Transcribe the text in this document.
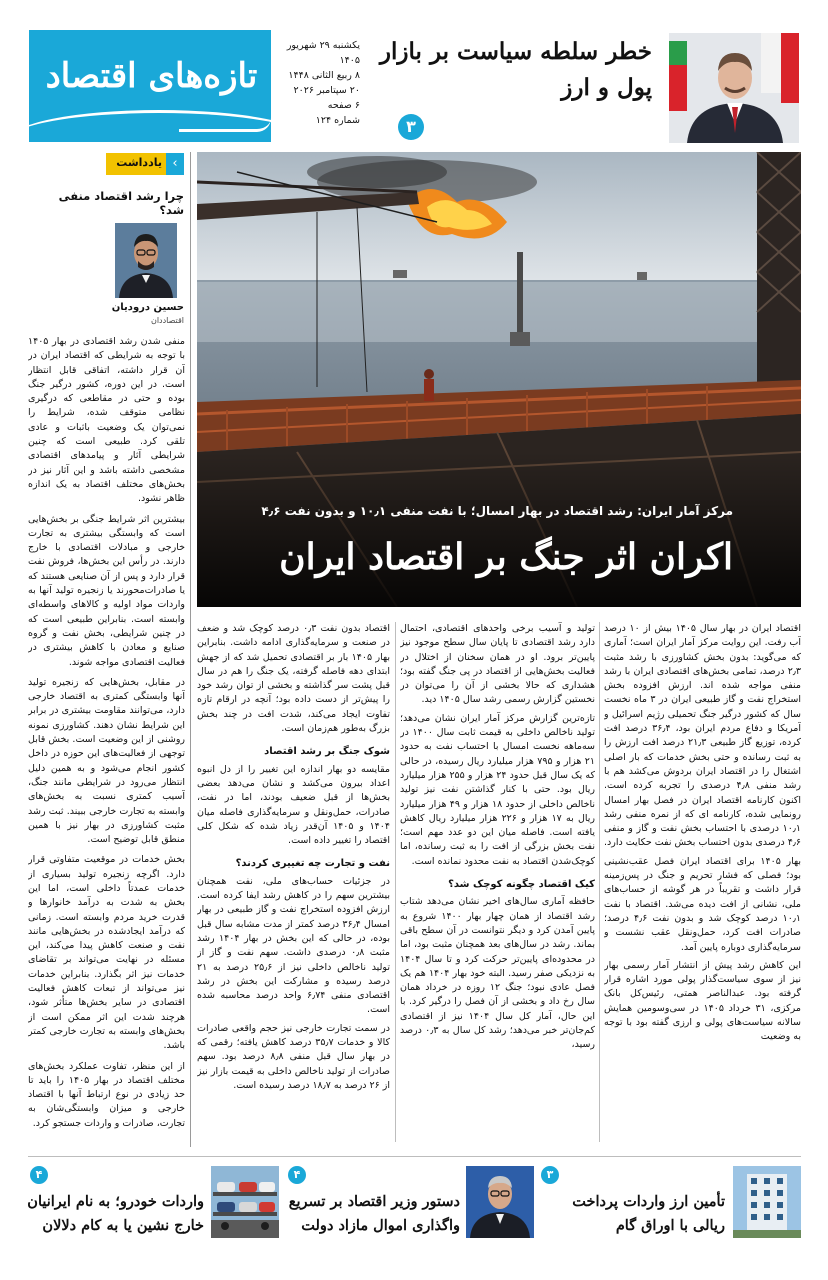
تازه‌های اقتصاد
یکشنبه ۲۹ شهریور ۱۴۰۵
۸ ربیع الثانی ۱۴۴۸
۲۰ سپتامبر ۲۰۲۶
۶ صفحه
شماره ۱۲۴
خطر سلطه سیاست بر بازار پول و ارز
۳
یادداشت ‹
چرا رشد اقتصاد منفی شد؟
حسین درودیان
اقتصاددان

منفی شدن رشد اقتصادی در بهار ۱۴۰۵ با توجه به شرایطی که اقتصاد ایران در آن قرار داشته، اتفاقی قابل انتظار است. در این دوره، کشور درگیر جنگ بوده و حتی در مقاطعی که درگیری نظامی متوقف شده، شرایط را نمی‌توان یک وضعیت باثبات و عادی تلقی کرد. طبیعی است که چنین شرایطی آثار و پیامدهای اقتصادی مشخصی داشته باشد و این آثار نیز در بخش‌های مختلف اقتصاد به یک اندازه ظاهر نشود.

بیشترین اثر شرایط جنگی بر بخش‌هایی است که وابستگی بیشتری به تجارت خارجی و مبادلات اقتصادی با خارج دارند. در رأس این بخش‌ها، فروش نفت قرار دارد و پس از آن صنایعی هستند که یا صادرات‌محورند یا زنجیره تولید آنها به واردات مواد اولیه و کالاهای واسطه‌ای وابسته است. بنابراین طبیعی است که در چنین شرایطی، بخش نفت و گروه صنایع و معادن با کاهش بیشتری در فعالیت اقتصادی مواجه شوند.

در مقابل، بخش‌هایی که زنجیره تولید آنها وابستگی کمتری به اقتصاد خارجی دارد، می‌توانند مقاومت بیشتری در برابر این شرایط نشان دهند. کشاورزی نمونه روشنی از این وضعیت است. بخش قابل توجهی از فعالیت‌های این حوزه در داخل کشور انجام می‌شود و به همین دلیل انتظار می‌رود در شرایطی مانند جنگ، آسیب کمتری نسبت به بخش‌های وابسته به تجارت خارجی ببیند. ثبت رشد مثبت کشاورزی در بهار نیز با همین منطق قابل توضیح است.

بخش خدمات در موقعیت متفاوتی قرار دارد. اگرچه زنجیره تولید بسیاری از خدمات عمدتاً داخلی است، اما این بخش به شدت به درآمد خانوارها و قدرت خرید مردم وابسته است. زمانی که درآمد ایجادشده در بخش‌هایی مانند نفت و صنعت کاهش پیدا می‌کند، این مسئله در نهایت می‌تواند بر تقاضای خدمات نیز اثر بگذارد. بنابراین خدمات نیز می‌تواند از تبعات کاهش فعالیت اقتصادی در سایر بخش‌ها متأثر شود، هرچند شدت این اثر ممکن است از بخش‌های وابسته به تجارت خارجی کمتر باشد.

از این منظر، تفاوت عملکرد بخش‌های مختلف اقتصاد در بهار ۱۴۰۵ را باید تا حد زیادی در نوع ارتباط آنها با اقتصاد خارجی و میزان وابستگی‌شان به تجارت، صادرات و واردات جستجو کرد.

مرکز آمار ایران: رشد اقتصاد در بهار امسال؛ با نفت منفی ۱۰٫۱ و بدون نفت ۴٫۶
اکران اثر جنگ بر اقتصاد ایران

اقتصاد ایران در بهار سال ۱۴۰۵ بیش از ۱۰ درصد آب رفت. این روایت مرکز آمار ایران است؛ آماری که می‌گوید: بدون بخش کشاورزی با رشد مثبت ۲٫۳ درصد، تمامی بخش‌های اقتصادی ایران با رشد منفی مواجه شده اند. ارزش افزوده بخش استخراج نفت و گاز طبیعی ایران در ۳ ماه نخست سال که کشور درگیر جنگ تحمیلی رژیم اسرائیل و آمریکا و دفاع مردم ایران بود، ۳۶٫۴ درصد افت کرده، توزیع گاز طبیعی ۲۱٫۳ درصد افت ارزش را به ثبت رسانده و حتی بخش خدمات که بار اصلی اشتغال را در اقتصاد ایران بردوش می‌کشد هم با رشد منفی ۴٫۸ درصدی را تجربه کرده است. اکنون کارنامه اقتصاد ایران در فصل بهار امسال رونمایی شده، کارنامه ای که از نمره منفی رشد ۱۰٫۱ درصدی با احتساب بخش نفت و گاز و منفی ۴٫۶ درصدی بدون احتساب بخش نفت حکایت دارد.

بهار ۱۴۰۵ برای اقتصاد ایران فصل عقب‌نشینی بود؛ فصلی که فشار تحریم و جنگ در پس‌زمینه قرار داشت و تقریباً در هر گوشه از حساب‌های ملی، نشانی از افت دیده می‌شد. اقتصاد با نفت ۱۰٫۱ درصد کوچک شد و بدون نفت ۴٫۶ درصد؛ صادرات افت کرد، حمل‌ونقل عقب نشست و سرمایه‌گذاری دوباره پایین آمد.

این کاهش رشد پیش از انتشار آمار رسمی بهار نیز از سوی سیاست‌گذار پولی مورد اشاره قرار گرفته بود. عبدالناصر همتی، رئیس‌کل بانک مرکزی، ۳۱ خرداد ۱۴۰۵ در سی‌وسومین همایش سالانه سیاست‌های پولی و ارزی گفته بود با توجه به وضعیت

تولید و آسیب برخی واحدهای اقتصادی، احتمال دارد رشد اقتصادی تا پایان سال سطح موجود نیز پایین‌تر برود. او در همان سخنان از اختلال در فعالیت بخش‌هایی از اقتصاد در پی جنگ گفته بود؛ هشداری که حالا بخشی از آن را می‌توان در نخستین گزارش رسمی رشد سال ۱۴۰۵ دید.

تازه‌ترین گزارش مرکز آمار ایران نشان می‌دهد؛ تولید ناخالص داخلی به قیمت ثابت سال ۱۴۰۰ در سه‌ماهه نخست امسال با احتساب نفت به حدود ۲۱ هزار و ۷۹۵ هزار میلیارد ریال رسیده، در حالی که یک سال قبل حدود ۲۴ هزار و ۲۵۵ هزار میلیارد ریال بود. حتی با کنار گذاشتن نفت نیز تولید ناخالص داخلی از حدود ۱۸ هزار و ۴۹ هزار میلیارد ریال به ۱۷ هزار و ۲۲۶ هزار میلیارد ریال کاهش یافته است. فاصله میان این دو عدد مهم است؛ نفت بخش بزرگی از افت را به ثبت رسانده، اما کوچک‌شدن اقتصاد به نفت محدود نمانده است.

کیک اقتصاد چگونه کوچک شد؟

حافظه آماری سال‌های اخیر نشان می‌دهد شتاب رشد اقتصاد از همان چهار بهار ۱۴۰۰ شروع به پایین آمدن کرد و دیگر نتوانست در آن سطح باقی بماند. رشد در سال‌های بعد همچنان مثبت بود، اما در محدوده‌ای پایین‌تر حرکت کرد و تا سال ۱۴۰۴ به نزدیکی صفر رسید. البته خود بهار ۱۴۰۴ هم یک فصل عادی نبود؛ جنگ ۱۲ روزه در خرداد همان سال رخ داد و بخشی از آن فصل را درگیر کرد. با این حال، آمار کل سال ۱۴۰۴ نیز از اقتصادی کم‌جان‌تر خبر می‌دهد؛ رشد کل سال به ۰٫۳ درصد رسید،

اقتصاد بدون نفت ۰٫۳ درصد کوچک شد و ضعف در صنعت و سرمایه‌گذاری ادامه داشت. بنابراین بهار ۱۴۰۵ بار بر اقتصادی تحمیل شد که از جهش ابتدای دهه فاصله گرفته، یک جنگ را هم در سال قبل پشت سر گذاشته و بخشی از توان رشد خود را پیش‌تر از دست داده بود؛ آنچه در ارقام تازه تفاوت ایجاد می‌کند، شدت افت در چند بخش بزرگ به‌طور هم‌زمان است.

شوک جنگ بر رشد اقتصاد

مقایسه دو بهار اندازه این تغییر را از دل انبوه اعداد بیرون می‌کشد و نشان می‌دهد بعضی بخش‌ها از قبل ضعیف بودند، اما در نفت، صادرات، حمل‌ونقل و سرمایه‌گذاری فاصله میان ۱۴۰۴ و ۱۴۰۵ آن‌قدر زیاد شده که شکل کلی اقتصاد را تغییر داده است.

نفت و تجارت چه تغییری کردند؟

در جزئیات حساب‌های ملی، نفت همچنان بیشترین سهم را در کاهش رشد ایفا کرده است. ارزش افزوده استخراج نفت و گاز طبیعی در بهار امسال ۳۶٫۴ درصد کمتر از مدت مشابه سال قبل بوده، در حالی که این بخش در بهار ۱۴۰۴ رشد مثبت ۰٫۸ درصدی داشت. سهم نفت و گاز از تولید ناخالص داخلی نیز از ۲۵٫۶ درصد به ۲۱ درصد رسیده و مشارکت این بخش در رشد اقتصادی منفی ۶٫۷۴ واحد درصد محاسبه شده است.

در سمت تجارت خارجی نیز حجم واقعی صادرات کالا و خدمات ۳۵٫۷ درصد کاهش یافته؛ رقمی که در بهار سال قبل منفی ۸٫۸ درصد بود. سهم صادرات از تولید ناخالص داخلی به قیمت بازار نیز از ۲۶ درصد به ۱۸٫۷ درصد رسیده است.

۳
تأمین ارز واردات پرداخت ریالی با اوراق گام
۴
دستور وزیر اقتصاد بر تسریع واگذاری اموال مازاد دولت
۴
واردات خودرو؛ به نام ایرانیان خارج نشین یا به کام دلالان
